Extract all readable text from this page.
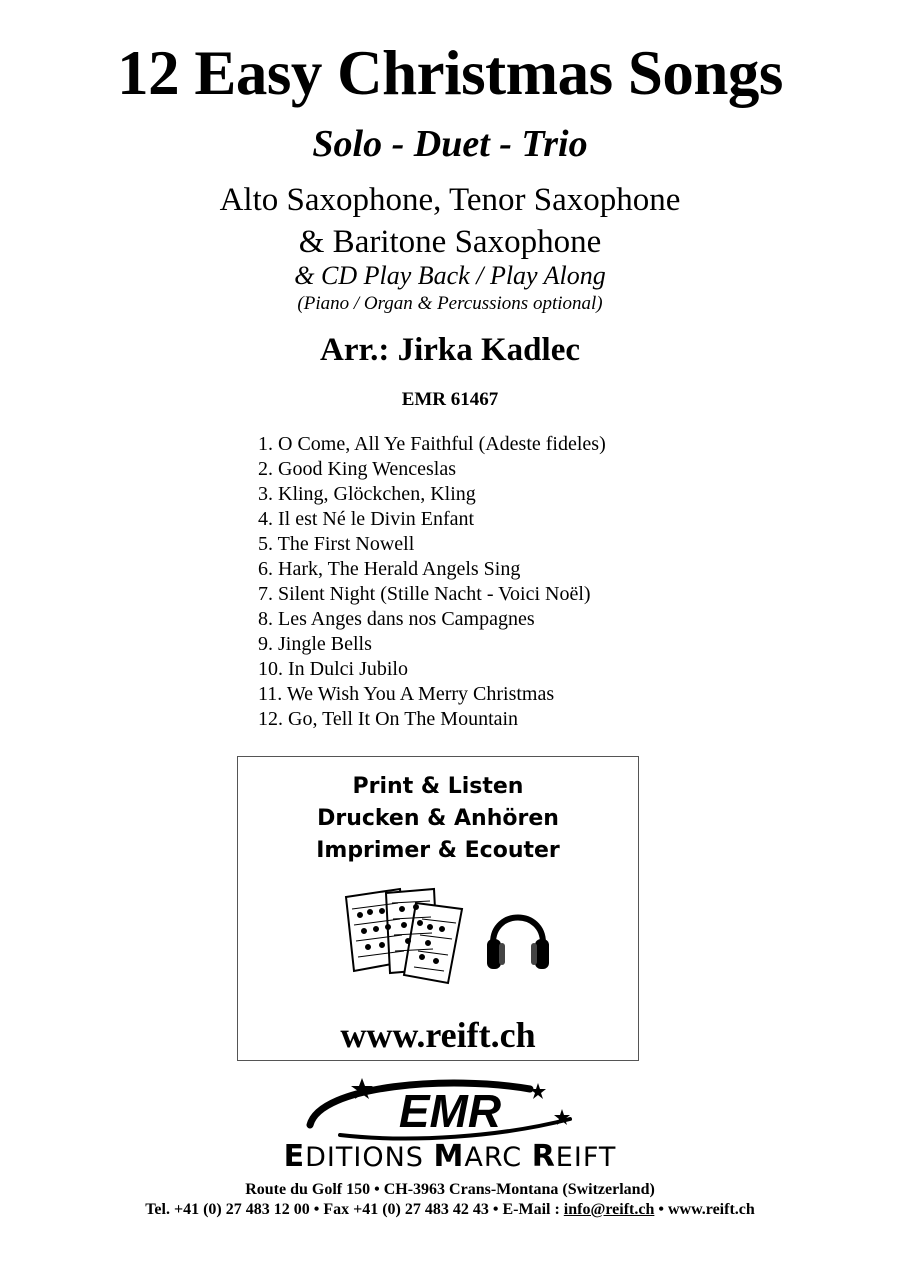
12 Easy Christmas Songs
Solo - Duet - Trio
Alto Saxophone, Tenor Saxophone
& Baritone Saxophone
& CD Play Back / Play Along
(Piano / Organ & Percussions optional)
Arr.: Jirka Kadlec
EMR 61467
1. O Come, All Ye Faithful (Adeste fideles)
2. Good King Wenceslas
3. Kling, Glöckchen, Kling
4. Il est Né le Divin Enfant
5. The First Nowell
6. Hark, The Herald Angels Sing
7. Silent Night (Stille Nacht - Voici Noël)
8. Les Anges dans nos Campagnes
9. Jingle Bells
10. In Dulci Jubilo
11. We Wish You A Merry Christmas
12. Go, Tell It On The Mountain
Print & Listen
Drucken & Anhören
Imprimer & Ecouter
www.reift.ch
EMR
EDITIONS MARC REIFT
Route du Golf 150 • CH-3963 Crans-Montana (Switzerland)
Tel. +41 (0) 27 483 12 00 • Fax +41 (0) 27 483 42 43 • E-Mail : info@reift.ch • www.reift.ch
